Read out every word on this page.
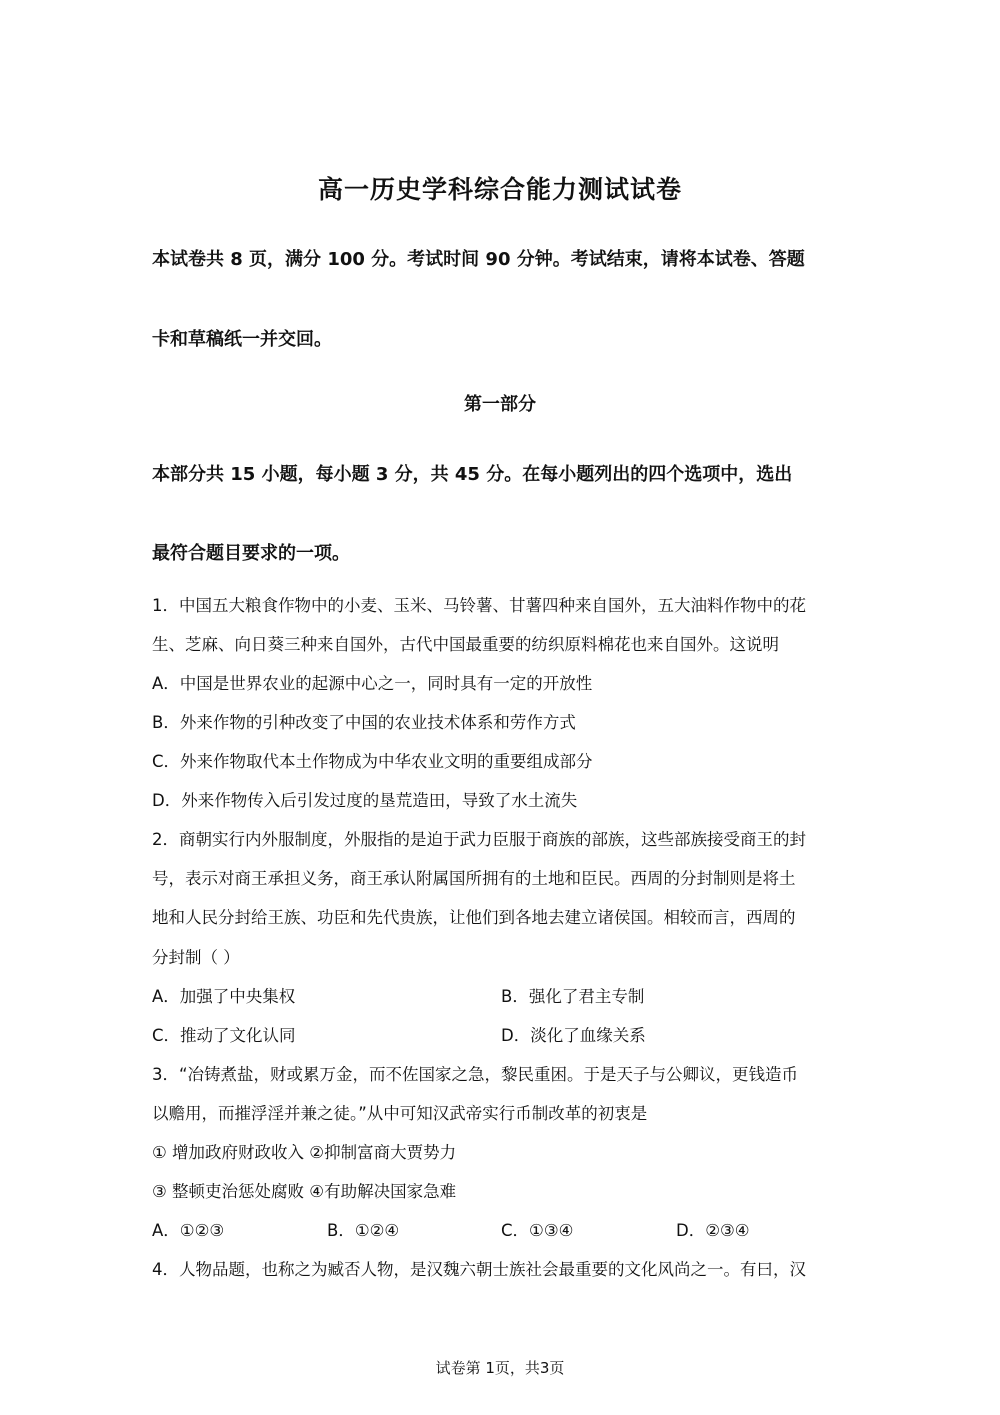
高一历史学科综合能力测试试卷
本试卷共 8 页，满分 100 分。考试时间 90 分钟。考试结束，请将本试卷、答题
卡和草稿纸一并交回。
第一部分
本部分共 15 小题，每小题 3 分，共 45 分。在每小题列出的四个选项中，选出
最符合题目要求的一项。
1．中国五大粮食作物中的小麦、玉米、马铃薯、甘薯四种来自国外，五大油料作物中的花
生、芝麻、向日葵三种来自国外，古代中国最重要的纺织原料棉花也来自国外。这说明
A．中国是世界农业的起源中心之一，同时具有一定的开放性
B．外来作物的引种改变了中国的农业技术体系和劳作方式
C．外来作物取代本土作物成为中华农业文明的重要组成部分
D．外来作物传入后引发过度的垦荒造田，导致了水土流失
2．商朝实行内外服制度，外服指的是迫于武力臣服于商族的部族，这些部族接受商王的封
号，表示对商王承担义务，商王承认附属国所拥有的土地和臣民。西周的分封制则是将土
地和人民分封给王族、功臣和先代贵族，让他们到各地去建立诸侯国。相较而言，西周的
分封制（ ）
A．加强了中央集权	B．强化了君主专制
C．推动了文化认同	D．淡化了血缘关系
3．“冶铸煮盐，财或累万金，而不佐国家之急，黎民重困。于是天子与公卿议，更钱造币
以赡用，而摧浮淫并兼之徒。”从中可知汉武帝实行币制改革的初衷是
① 增加政府财政收入 ②抑制富商大贾势力
③ 整顿吏治惩处腐败 ④有助解决国家急难
A．①②③	B．①②④	C．①③④	D．②③④
4．人物品题，也称之为臧否人物，是汉魏六朝士族社会最重要的文化风尚之一。有曰，汉
试卷第 1页，共3页
